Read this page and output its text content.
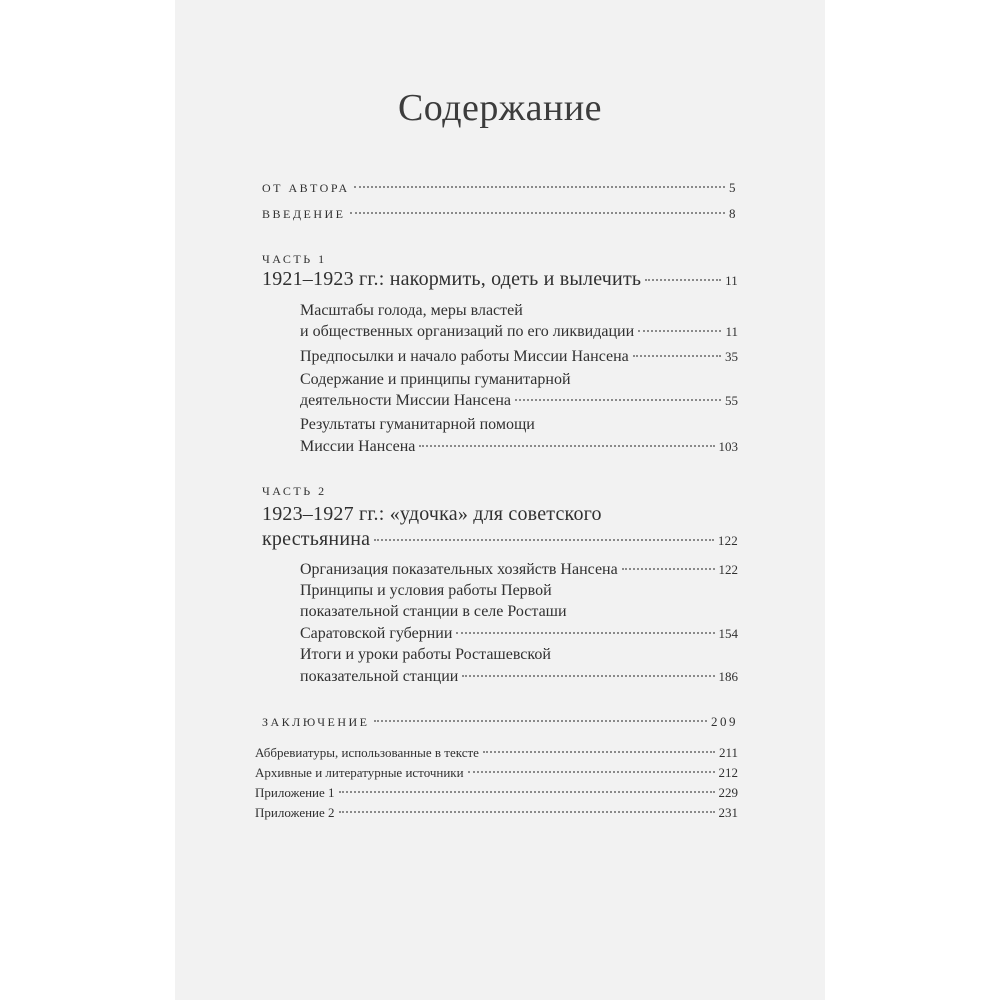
Содержание
ОТ АВТОРА	5
ВВЕДЕНИЕ	8
ЧАСТЬ 1
1921–1923 гг.: накормить, одеть и вылечить	11
Масштабы голода, меры властей
и общественных организаций по его ликвидации	11
Предпосылки и начало работы Миссии Нансена	35
Содержание и принципы гуманитарной
деятельности Миссии Нансена	55
Результаты гуманитарной помощи
Миссии Нансена	103
ЧАСТЬ 2
1923–1927 гг.: «удочка» для советского
крестьянина	122
Организация показательных хозяйств Нансена	122
Принципы и условия работы Первой
показательной станции в селе Росташи
Саратовской губернии	154
Итоги и уроки работы Росташевской
показательной станции	186
ЗАКЛЮЧЕНИЕ	209
Аббревиатуры, использованные в тексте	211
Архивные и литературные источники	212
Приложение 1	229
Приложение 2	231
